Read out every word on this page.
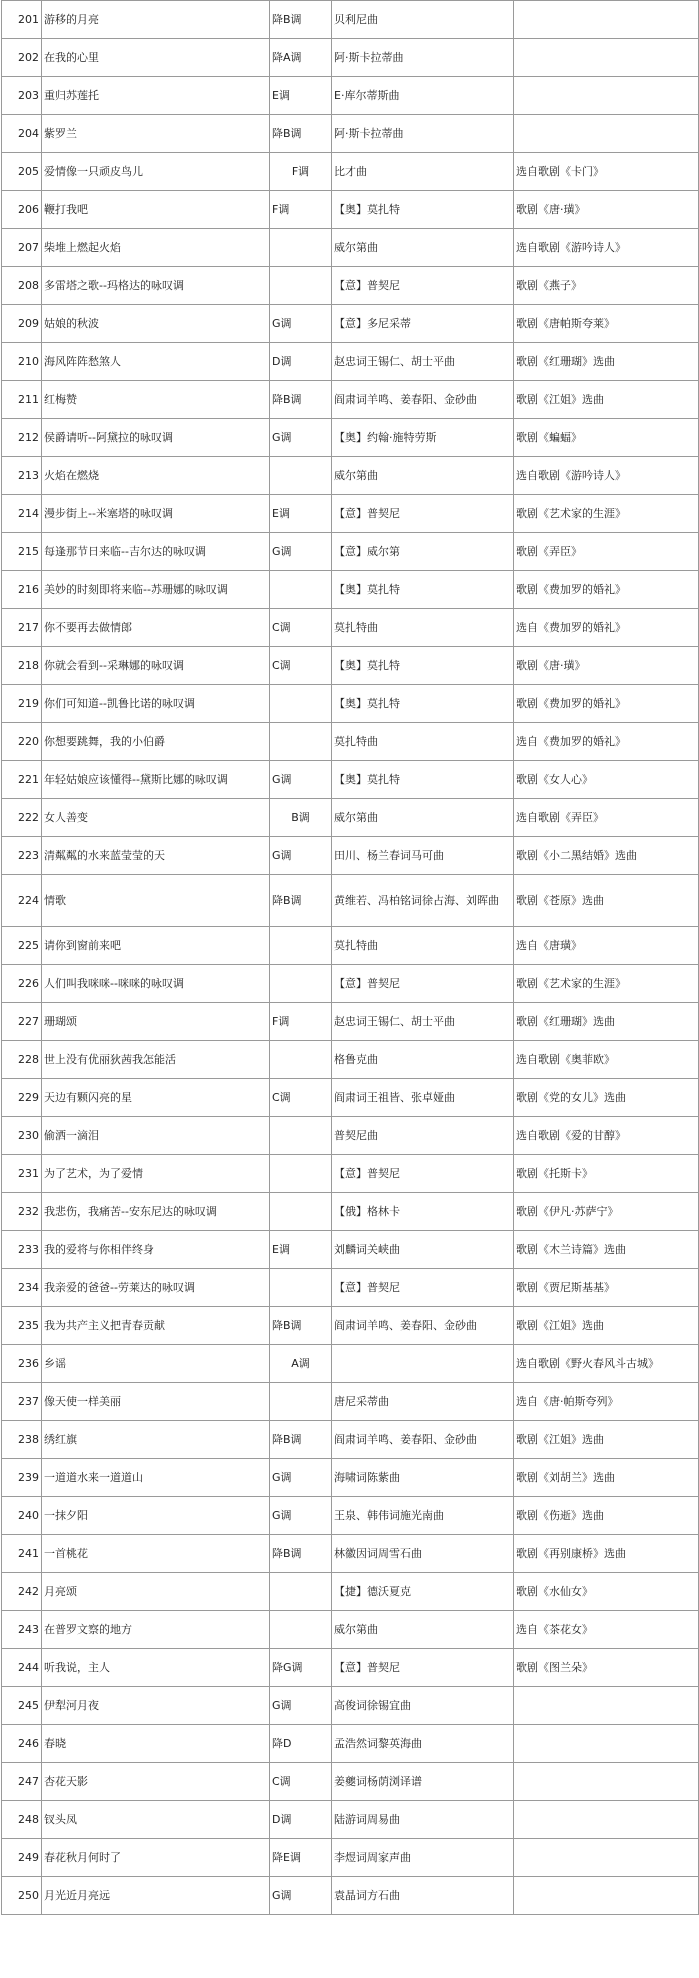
201	游移的月亮	降B调	贝利尼曲	
202	在我的心里	降A调	阿·斯卡拉蒂曲	
203	重归苏莲托	E调	E·库尔蒂斯曲	
204	紫罗兰	降B调	阿·斯卡拉蒂曲	
205	爱情像一只顽皮鸟儿	F调	比才曲	选自歌剧《卡门》
206	鞭打我吧	F调	【奥】莫扎特	歌剧《唐·璜》
207	柴堆上燃起火焰		威尔第曲	选自歌剧《游吟诗人》
208	多雷塔之歌--玛格达的咏叹调		【意】普契尼	歌剧《燕子》
209	姑娘的秋波	G调	【意】多尼采蒂	歌剧《唐帕斯夸莱》
210	海风阵阵愁煞人	D调	赵忠词王锡仁、胡士平曲	歌剧《红珊瑚》选曲
211	红梅赞	降B调	阎肃词羊鸣、姜春阳、金砂曲	歌剧《江姐》选曲
212	侯爵请听--阿黛拉的咏叹调	G调	【奥】约翰·施特劳斯	歌剧《蝙蝠》
213	火焰在燃烧		威尔第曲	选自歌剧《游吟诗人》
214	漫步街上--米塞塔的咏叹调	E调	【意】普契尼	歌剧《艺术家的生涯》
215	每逢那节日来临--吉尔达的咏叹调	G调	【意】威尔第	歌剧《弄臣》
216	美妙的时刻即将来临--苏珊娜的咏叹调		【奥】莫扎特	歌剧《费加罗的婚礼》
217	你不要再去做情郎	C调	莫扎特曲	选自《费加罗的婚礼》
218	你就会看到--采琳娜的咏叹调	C调	【奥】莫扎特	歌剧《唐·璜》
219	你们可知道--凯鲁比诺的咏叹调		【奥】莫扎特	歌剧《费加罗的婚礼》
220	你想要跳舞，我的小伯爵		莫扎特曲	选自《费加罗的婚礼》
221	年轻姑娘应该懂得--黛斯比娜的咏叹调	G调	【奥】莫扎特	歌剧《女人心》
222	女人善变	B调	威尔第曲	选自歌剧《弄臣》
223	清粼粼的水来蓝莹莹的天	G调	田川、杨兰春词马可曲	歌剧《小二黑结婚》选曲
224	情歌	降B调	黄维若、冯柏铭词徐占海、刘晖曲	歌剧《苍原》选曲
225	请你到窗前来吧		莫扎特曲	选自《唐璜》
226	人们叫我咪咪--咪咪的咏叹调		【意】普契尼	歌剧《艺术家的生涯》
227	珊瑚颂	F调	赵忠词王锡仁、胡士平曲	歌剧《红珊瑚》选曲
228	世上没有优丽狄茜我怎能活		格鲁克曲	选自歌剧《奥菲欧》
229	天边有颗闪亮的星	C调	阎肃词王祖皆、张卓娅曲	歌剧《党的女儿》选曲
230	偷洒一滴泪		普契尼曲	选自歌剧《爱的甘醇》
231	为了艺术，为了爱情		【意】普契尼	歌剧《托斯卡》
232	我悲伤，我痛苦--安东尼达的咏叹调		【俄】格林卡	歌剧《伊凡·苏萨宁》
233	我的爱将与你相伴终身	E调	刘麟词关峡曲	歌剧《木兰诗篇》选曲
234	我亲爱的爸爸--劳莱达的咏叹调		【意】普契尼	歌剧《贾尼斯基基》
235	我为共产主义把青春贡献	降B调	阎肃词羊鸣、姜春阳、金砂曲	歌剧《江姐》选曲
236	乡谣	A调		选自歌剧《野火春风斗古城》
237	像天使一样美丽		唐尼采蒂曲	选自《唐·帕斯夸列》
238	绣红旗	降B调	阎肃词羊鸣、姜春阳、金砂曲	歌剧《江姐》选曲
239	一道道水来一道道山	G调	海啸词陈紫曲	歌剧《刘胡兰》选曲
240	一抹夕阳	G调	王泉、韩伟词施光南曲	歌剧《伤逝》选曲
241	一首桃花	降B调	林徽因词周雪石曲	歌剧《再别康桥》选曲
242	月亮颂		【捷】德沃夏克	歌剧《水仙女》
243	在普罗文察的地方		威尔第曲	选自《茶花女》
244	听我说，主人	降G调	【意】普契尼	歌剧《图兰朵》
245	伊犁河月夜	G调	高俊词徐锡宜曲	
246	春晓	降D	孟浩然词黎英海曲	
247	杏花天影	C调	姜夔词杨荫浏译谱	
248	钗头凤	D调	陆游词周易曲	
249	春花秋月何时了	降E调	李煜词周家声曲	
250	月光近月亮远	G调	袁晶词方石曲	
